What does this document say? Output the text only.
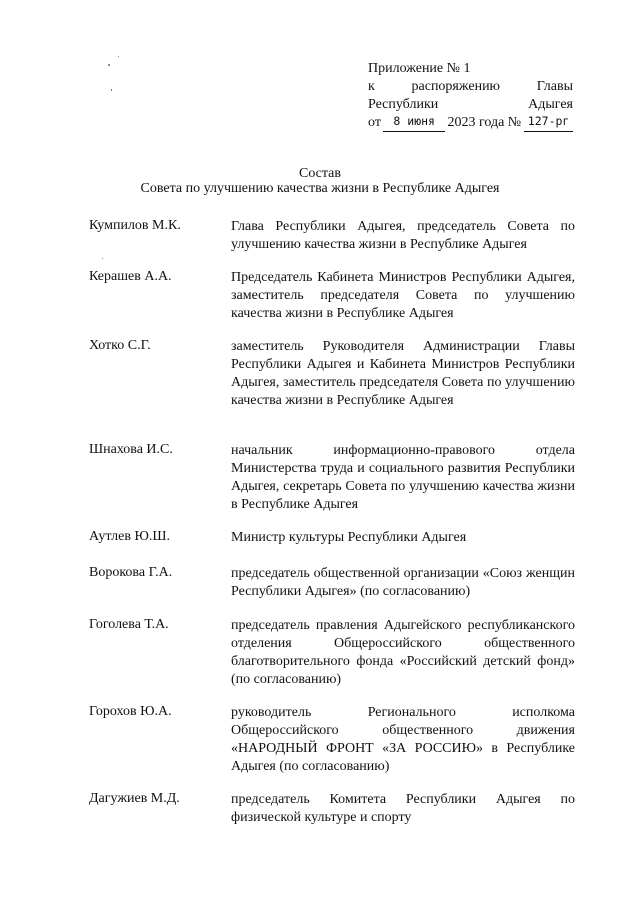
Приложение № 1
к	распоряжению	Главы
Республики	Адыгея
от	8 июня 2023 года № 127-рг
Состав
Совета по улучшению качества жизни в Республике Адыгея
Кумпилов М.К.	Глава Республики Адыгея, председатель Совета по улучшению качества жизни в Республике Адыгея
Керашев А.А.	Председатель Кабинета Министров Республики Адыгея, заместитель председателя Совета по улучшению качества жизни в Республике Адыгея
Хотко С.Г.	заместитель Руководителя Администрации Главы Республики Адыгея и Кабинета Министров Республики Адыгея, заместитель председателя Совета по улучшению качества жизни в Республике Адыгея
Шнахова И.С.	начальник информационно-правового отдела Министерства труда и социального развития Республики Адыгея, секретарь Совета по улучшению качества жизни в Республике Адыгея
Аутлев Ю.Ш.	Министр культуры Республики Адыгея
Ворокова Г.А.	председатель общественной организации «Союз женщин Республики Адыгея» (по согласованию)
Гоголева Т.А.	председатель правления Адыгейского республиканского отделения Общероссийского общественного благотворительного фонда «Российский детский фонд» (по согласованию)
Горохов Ю.А.	руководитель Регионального исполкома Общероссийского общественного движения «НАРОДНЫЙ ФРОНТ «ЗА РОССИЮ» в Республике Адыгея (по согласованию)
Дагужиев М.Д.	председатель Комитета Республики Адыгея по физической культуре и спорту
